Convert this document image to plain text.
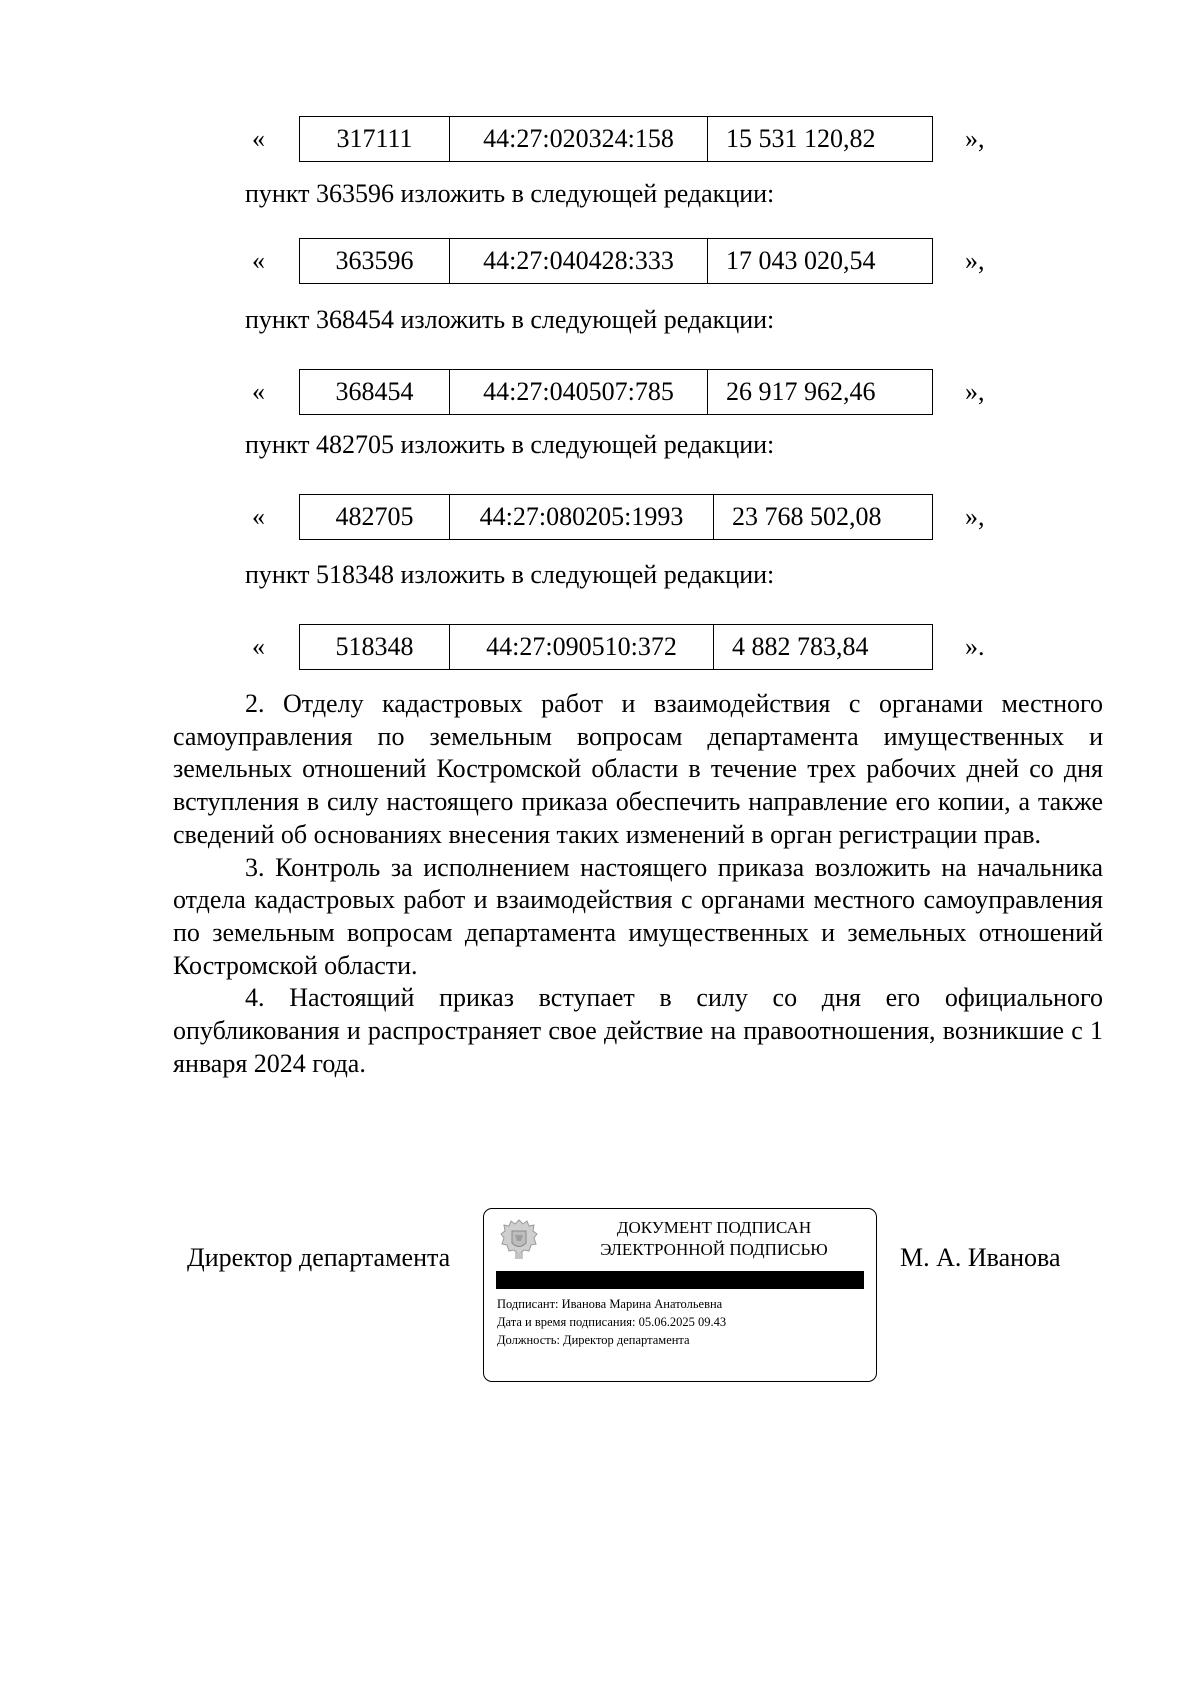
«	317111	44:27:020324:158	15 531 120,82	»,
пункт 363596 изложить в следующей редакции:
«	363596	44:27:040428:333	17 043 020,54	»,
пункт 368454 изложить в следующей редакции:
«	368454	44:27:040507:785	26 917 962,46	»,
пункт 482705 изложить в следующей редакции:
«	482705	44:27:080205:1993	23 768 502,08	»,
пункт 518348 изложить в следующей редакции:
«	518348	44:27:090510:372	4 882 783,84	».

2. Отделу кадастровых работ и взаимодействия с органами местного самоуправления по земельным вопросам департамента имущественных и земельных отношений Костромской области в течение трех рабочих дней со дня вступления в силу настоящего приказа обеспечить направление его копии, а также сведений об основаниях внесения таких изменений в орган регистрации прав.

3. Контроль за исполнением настоящего приказа возложить на начальника отдела кадастровых работ и взаимодействия с органами местного самоуправления по земельным вопросам департамента имущественных и земельных отношений Костромской области.

4. Настоящий приказ вступает в силу со дня его официального опубликования и распространяет свое действие на правоотношения, возникшие с 1 января 2024 года.

Директор департамента
ДОКУМЕНТ ПОДПИСАН
ЭЛЕКТРОННОЙ ПОДПИСЬЮ
Подписант: Иванова Марина Анатольевна
Дата и время подписания: 05.06.2025 09.43
Должность: Директор департамента
М. А. Иванова
